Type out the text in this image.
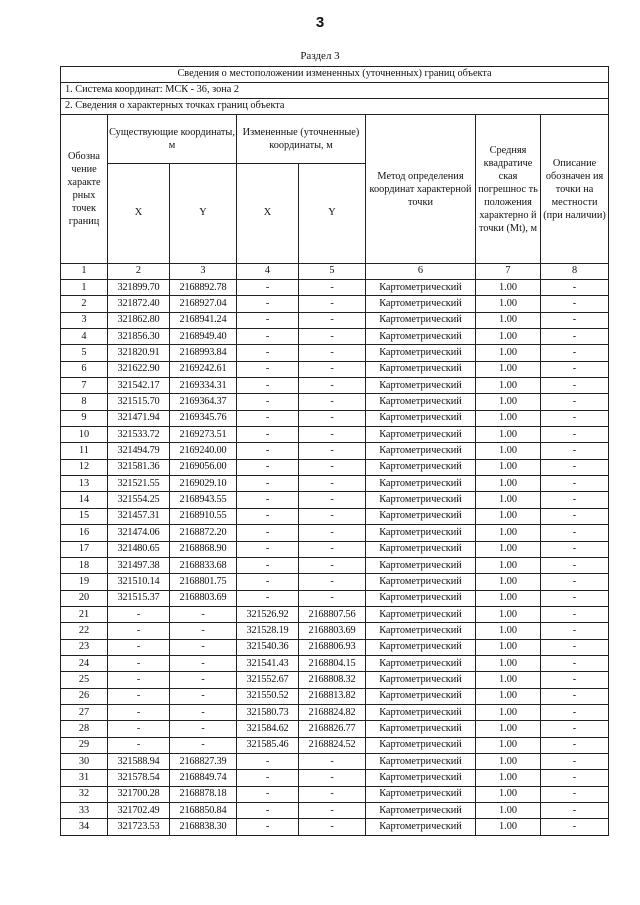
3
Раздел 3
Сведения о местоположении измененных (уточненных) границ объекта							
1. Система координат: МСК - 36, зона 2							
2. Сведения о характерных точках границ объекта							
Обозна чение характе рных точек границ	Существующие координаты, м		Измененные (уточненные) координаты, м		Метод определения координат характерной точки	Средняя квадратиче ская погрешнос ть положения характерно й точки (Mt), м	Описание обозначен ия точки на местности (при наличии)
	X	Y	X	Y			
1	2	3	4	5	6	7	8
1	321899.70	2168892.78	-	-	Картометрический	1.00	-
2	321872.40	2168927.04	-	-	Картометрический	1.00	-
3	321862.80	2168941.24	-	-	Картометрический	1.00	-
4	321856.30	2168949.40	-	-	Картометрический	1.00	-
5	321820.91	2168993.84	-	-	Картометрический	1.00	-
6	321622.90	2169242.61	-	-	Картометрический	1.00	-
7	321542.17	2169334.31	-	-	Картометрический	1.00	-
8	321515.70	2169364.37	-	-	Картометрический	1.00	-
9	321471.94	2169345.76	-	-	Картометрический	1.00	-
10	321533.72	2169273.51	-	-	Картометрический	1.00	-
11	321494.79	2169240.00	-	-	Картометрический	1.00	-
12	321581.36	2169056.00	-	-	Картометрический	1.00	-
13	321521.55	2169029.10	-	-	Картометрический	1.00	-
14	321554.25	2168943.55	-	-	Картометрический	1.00	-
15	321457.31	2168910.55	-	-	Картометрический	1.00	-
16	321474.06	2168872.20	-	-	Картометрический	1.00	-
17	321480.65	2168868.90	-	-	Картометрический	1.00	-
18	321497.38	2168833.68	-	-	Картометрический	1.00	-
19	321510.14	2168801.75	-	-	Картометрический	1.00	-
20	321515.37	2168803.69	-	-	Картометрический	1.00	-
21	-	-	321526.92	2168807.56	Картометрический	1.00	-
22	-	-	321528.19	2168803.69	Картометрический	1.00	-
23	-	-	321540.36	2168806.93	Картометрический	1.00	-
24	-	-	321541.43	2168804.15	Картометрический	1.00	-
25	-	-	321552.67	2168808.32	Картометрический	1.00	-
26	-	-	321550.52	2168813.82	Картометрический	1.00	-
27	-	-	321580.73	2168824.82	Картометрический	1.00	-
28	-	-	321584.62	2168826.77	Картометрический	1.00	-
29	-	-	321585.46	2168824.52	Картометрический	1.00	-
30	321588.94	2168827.39	-	-	Картометрический	1.00	-
31	321578.54	2168849.74	-	-	Картометрический	1.00	-
32	321700.28	2168878.18	-	-	Картометрический	1.00	-
33	321702.49	2168850.84	-	-	Картометрический	1.00	-
34	321723.53	2168838.30	-	-	Картометрический	1.00	-
